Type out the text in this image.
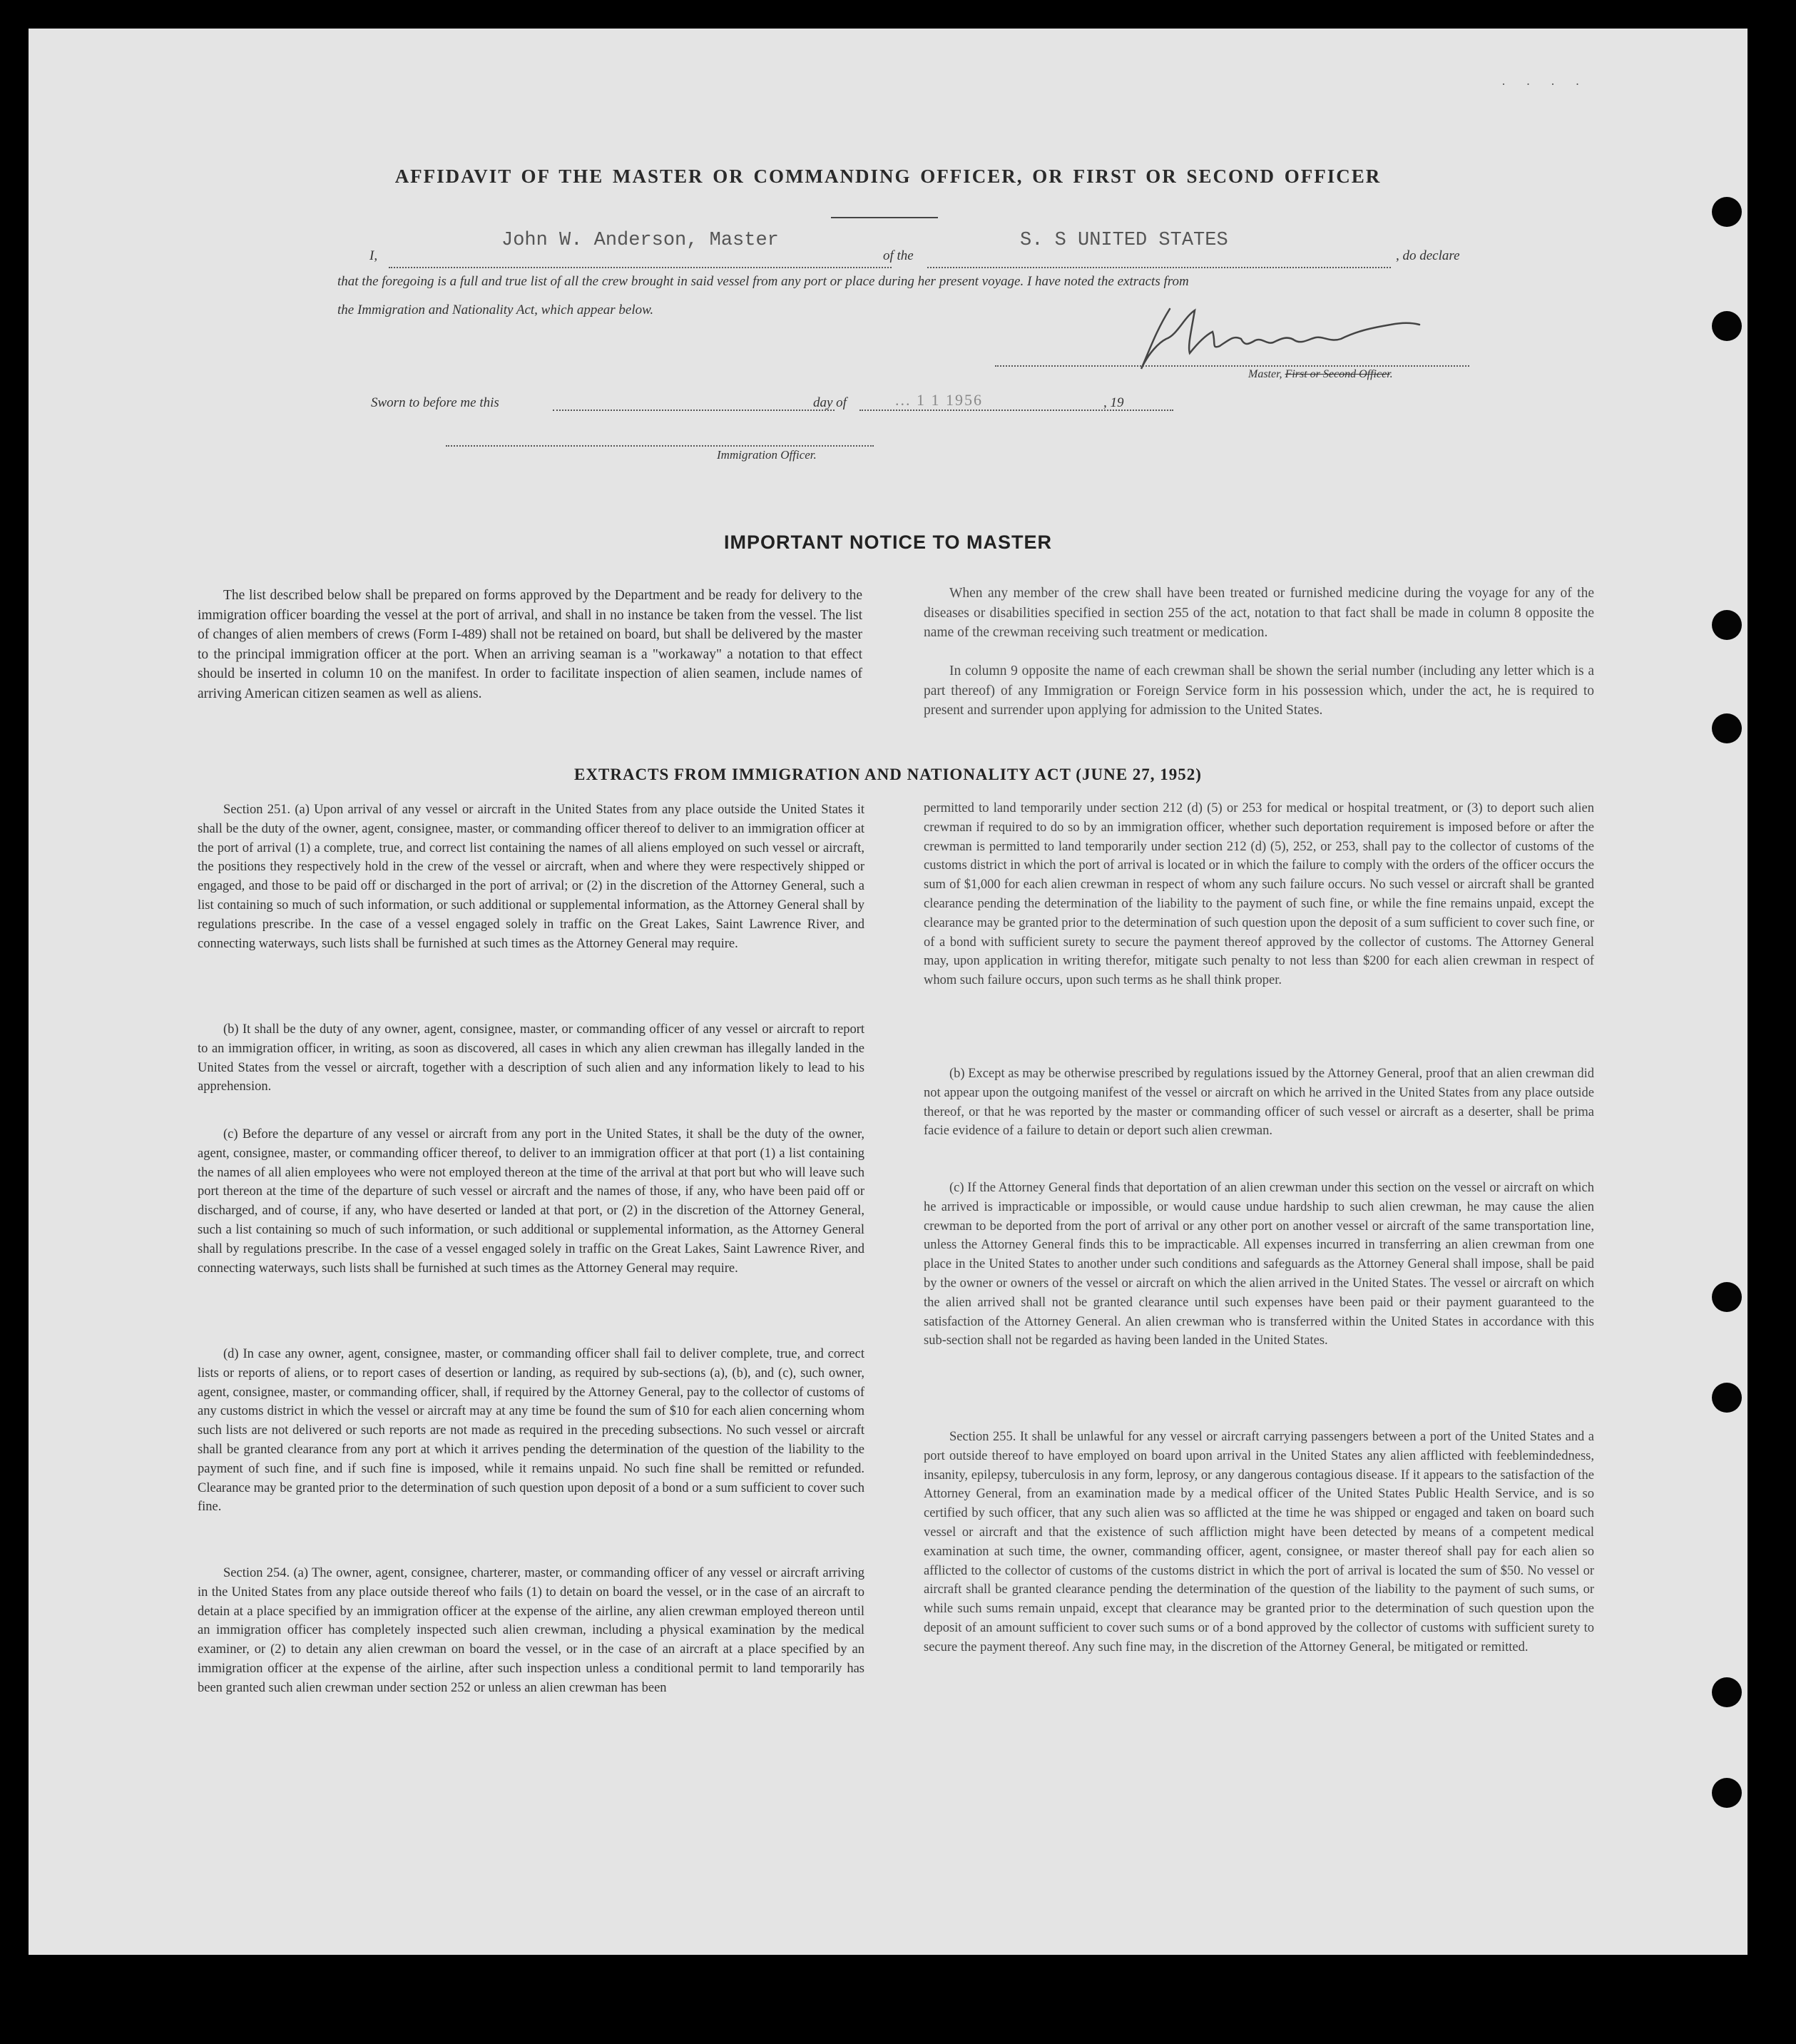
· · · ·
AFFIDAVIT OF THE MASTER OR COMMANDING OFFICER, OR FIRST OR SECOND OFFICER
I,
John W. Anderson, Master
of the
S. S UNITED STATES
, do declare
that the foregoing is a full and true list of all the crew brought in said vessel from any port or place during her present voyage. I have noted the extracts from
the Immigration and Nationality Act, which appear below.
Master, First or Second Officer.
Sworn to before me this	day of	... 1 1 1956	, 19
Immigration Officer.
IMPORTANT NOTICE TO MASTER

The list described below shall be prepared on forms approved by the Department and be ready for delivery to the immigration officer boarding the vessel at the port of arrival, and shall in no instance be taken from the vessel. The list of changes of alien members of crews (Form I-489) shall not be retained on board, but shall be delivered by the master to the principal immigration officer at the port. When an arriving seaman is a "workaway" a notation to that effect should be inserted in column 10 on the manifest. In order to facilitate inspection of alien seamen, include names of arriving American citizen seamen as well as aliens.

When any member of the crew shall have been treated or furnished medicine during the voyage for any of the diseases or disabilities specified in section 255 of the act, notation to that fact shall be made in column 8 opposite the name of the crewman receiving such treatment or medication.

In column 9 opposite the name of each crewman shall be shown the serial number (including any letter which is a part thereof) of any Immigration or Foreign Service form in his possession which, under the act, he is required to present and surrender upon applying for admission to the United States.

EXTRACTS FROM IMMIGRATION AND NATIONALITY ACT (JUNE 27, 1952)

Section 251. (a) Upon arrival of any vessel or aircraft in the United States from any place outside the United States it shall be the duty of the owner, agent, consignee, master, or commanding officer thereof to deliver to an immigration officer at the port of arrival (1) a complete, true, and correct list containing the names of all aliens employed on such vessel or aircraft, the positions they respectively hold in the crew of the vessel or aircraft, when and where they were respectively shipped or engaged, and those to be paid off or discharged in the port of arrival; or (2) in the discretion of the Attorney General, such a list containing so much of such information, or such additional or supplemental information, as the Attorney General shall by regulations prescribe. In the case of a vessel engaged solely in traffic on the Great Lakes, Saint Lawrence River, and connecting waterways, such lists shall be furnished at such times as the Attorney General may require.

(b) It shall be the duty of any owner, agent, consignee, master, or commanding officer of any vessel or aircraft to report to an immigration officer, in writing, as soon as discovered, all cases in which any alien crewman has illegally landed in the United States from the vessel or aircraft, together with a description of such alien and any information likely to lead to his apprehension.

(c) Before the departure of any vessel or aircraft from any port in the United States, it shall be the duty of the owner, agent, consignee, master, or commanding officer thereof, to deliver to an immigration officer at that port (1) a list containing the names of all alien employees who were not employed thereon at the time of the arrival at that port but who will leave such port thereon at the time of the departure of such vessel or aircraft and the names of those, if any, who have been paid off or discharged, and of course, if any, who have deserted or landed at that port, or (2) in the discretion of the Attorney General, such a list containing so much of such information, or such additional or supplemental information, as the Attorney General shall by regulations prescribe. In the case of a vessel engaged solely in traffic on the Great Lakes, Saint Lawrence River, and connecting waterways, such lists shall be furnished at such times as the Attorney General may require.

(d) In case any owner, agent, consignee, master, or commanding officer shall fail to deliver complete, true, and correct lists or reports of aliens, or to report cases of desertion or landing, as required by sub-sections (a), (b), and (c), such owner, agent, consignee, master, or commanding officer, shall, if required by the Attorney General, pay to the collector of customs of any customs district in which the vessel or aircraft may at any time be found the sum of $10 for each alien concerning whom such lists are not delivered or such reports are not made as required in the preceding subsections. No such vessel or aircraft shall be granted clearance from any port at which it arrives pending the determination of the question of the liability to the payment of such fine, and if such fine is imposed, while it remains unpaid. No such fine shall be remitted or refunded. Clearance may be granted prior to the determination of such question upon deposit of a bond or a sum sufficient to cover such fine.

Section 254. (a) The owner, agent, consignee, charterer, master, or commanding officer of any vessel or aircraft arriving in the United States from any place outside thereof who fails (1) to detain on board the vessel, or in the case of an aircraft to detain at a place specified by an immigration officer at the expense of the airline, any alien crewman employed thereon until an immigration officer has completely inspected such alien crewman, including a physical examination by the medical examiner, or (2) to detain any alien crewman on board the vessel, or in the case of an aircraft at a place specified by an immigration officer at the expense of the airline, after such inspection unless a conditional permit to land temporarily has been granted such alien crewman under section 252 or unless an alien crewman has been

permitted to land temporarily under section 212 (d) (5) or 253 for medical or hospital treatment, or (3) to deport such alien crewman if required to do so by an immigration officer, whether such deportation requirement is imposed before or after the crewman is permitted to land temporarily under section 212 (d) (5), 252, or 253, shall pay to the collector of customs of the customs district in which the port of arrival is located or in which the failure to comply with the orders of the officer occurs the sum of $1,000 for each alien crewman in respect of whom any such failure occurs. No such vessel or aircraft shall be granted clearance pending the determination of the liability to the payment of such fine, or while the fine remains unpaid, except the clearance may be granted prior to the determination of such question upon the deposit of a sum sufficient to cover such fine, or of a bond with sufficient surety to secure the payment thereof approved by the collector of customs. The Attorney General may, upon application in writing therefor, mitigate such penalty to not less than $200 for each alien crewman in respect of whom such failure occurs, upon such terms as he shall think proper.

(b) Except as may be otherwise prescribed by regulations issued by the Attorney General, proof that an alien crewman did not appear upon the outgoing manifest of the vessel or aircraft on which he arrived in the United States from any place outside thereof, or that he was reported by the master or commanding officer of such vessel or aircraft as a deserter, shall be prima facie evidence of a failure to detain or deport such alien crewman.

(c) If the Attorney General finds that deportation of an alien crewman under this section on the vessel or aircraft on which he arrived is impracticable or impossible, or would cause undue hardship to such alien crewman, he may cause the alien crewman to be deported from the port of arrival or any other port on another vessel or aircraft of the same transportation line, unless the Attorney General finds this to be impracticable. All expenses incurred in transferring an alien crewman from one place in the United States to another under such conditions and safeguards as the Attorney General shall impose, shall be paid by the owner or owners of the vessel or aircraft on which the alien arrived in the United States. The vessel or aircraft on which the alien arrived shall not be granted clearance until such expenses have been paid or their payment guaranteed to the satisfaction of the Attorney General. An alien crewman who is transferred within the United States in accordance with this sub-section shall not be regarded as having been landed in the United States.

Section 255. It shall be unlawful for any vessel or aircraft carrying passengers between a port of the United States and a port outside thereof to have employed on board upon arrival in the United States any alien afflicted with feeblemindedness, insanity, epilepsy, tuberculosis in any form, leprosy, or any dangerous contagious disease. If it appears to the satisfaction of the Attorney General, from an examination made by a medical officer of the United States Public Health Service, and is so certified by such officer, that any such alien was so afflicted at the time he was shipped or engaged and taken on board such vessel or aircraft and that the existence of such affliction might have been detected by means of a competent medical examination at such time, the owner, commanding officer, agent, consignee, or master thereof shall pay for each alien so afflicted to the collector of customs of the customs district in which the port of arrival is located the sum of $50. No vessel or aircraft shall be granted clearance pending the determination of the question of the liability to the payment of such sums, or while such sums remain unpaid, except that clearance may be granted prior to the determination of such question upon the deposit of an amount sufficient to cover such sums or of a bond approved by the collector of customs with sufficient surety to secure the payment thereof. Any such fine may, in the discretion of the Attorney General, be mitigated or remitted.
